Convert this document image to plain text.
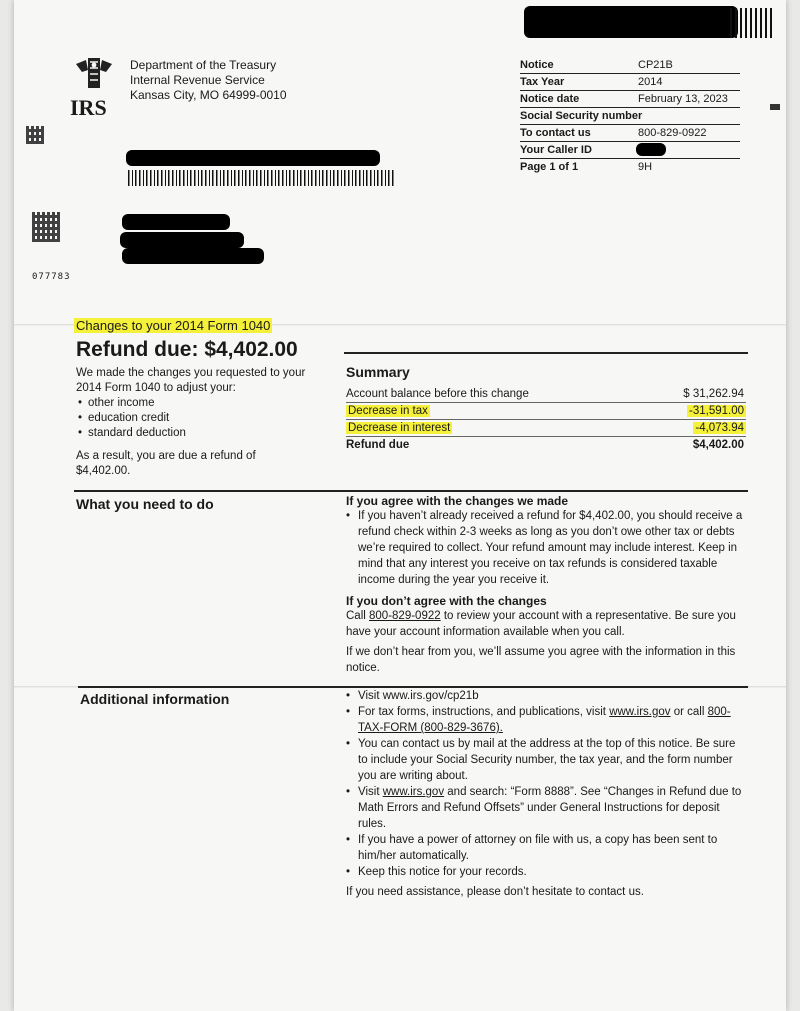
IRS
Department of the Treasury
Internal Revenue Service
Kansas City, MO 64999-0010
Notice	CP21B
Tax Year	2014
Notice date	February 13, 2023
Social Security number
To contact us	800-829-0922
Your Caller ID
Page 1 of 1	9H
077783
Changes to your 2014 Form 1040
Refund due: $4,402.00
We made the changes you requested to your 2014 Form 1040 to adjust your:
• other income
• education credit
• standard deduction
As a result, you are due a refund of $4,402.00.
Summary
Account balance before this change	$ 31,262.94
Decrease in tax	-31,591.00
Decrease in interest	-4,073.94
Refund due	$4,402.00
What you need to do	If you agree with the changes we made
• If you haven’t already received a refund for $4,402.00, you should receive a refund check within 2-3 weeks as long as you don’t owe other tax or debts we’re required to collect. Your refund amount may include interest. Keep in mind that any interest you receive on tax refunds is considered taxable income during the year you receive it.
If you don’t agree with the changes
Call 800-829-0922 to review your account with a representative. Be sure you have your account information available when you call.
If we don’t hear from you, we’ll assume you agree with the information in this notice.
Additional information	• Visit www.irs.gov/cp21b
• For tax forms, instructions, and publications, visit www.irs.gov or call 800-TAX-FORM (800-829-3676).
• You can contact us by mail at the address at the top of this notice. Be sure to include your Social Security number, the tax year, and the form number you are writing about.
• Visit www.irs.gov and search: “Form 8888”. See “Changes in Refund due to Math Errors and Refund Offsets” under General Instructions for deposit rules.
• If you have a power of attorney on file with us, a copy has been sent to him/her automatically.
• Keep this notice for your records.
If you need assistance, please don’t hesitate to contact us.
